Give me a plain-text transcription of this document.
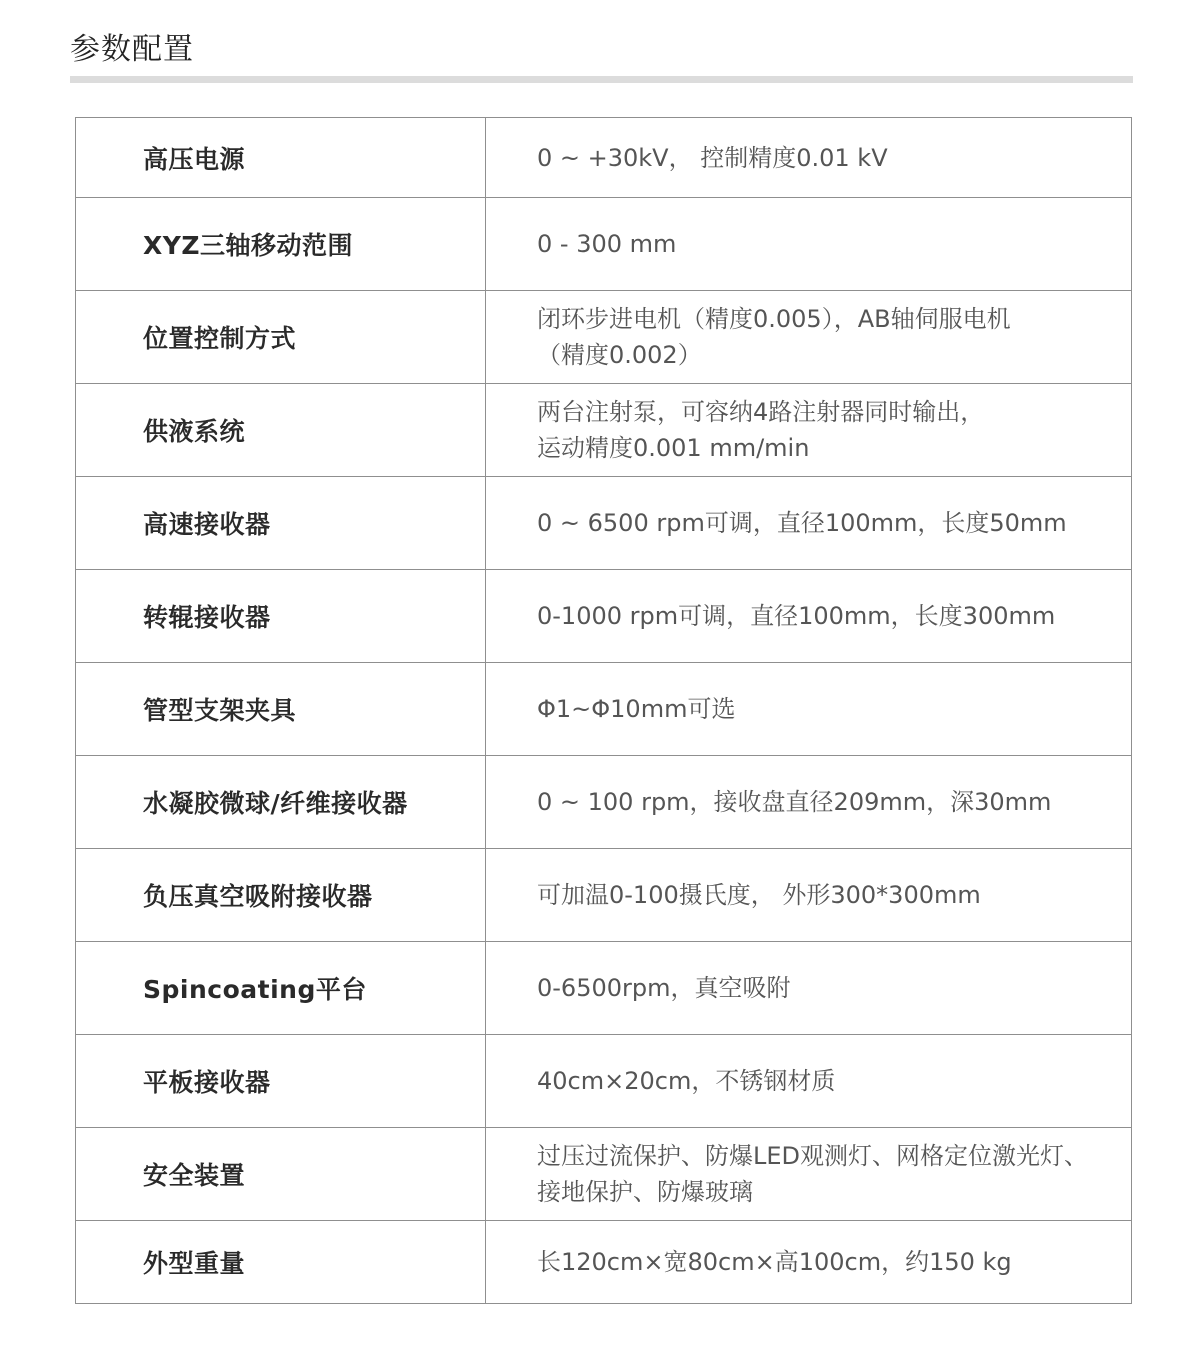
参数配置
高压电源	0 ~ +30kV， 控制精度0.01 kV

XYZ三轴移动范围	0 - 300 mm

位置控制方式	闭环步进电机（精度0.005），AB轴伺服电机
（精度0.002）

供液系统	两台注射泵，可容纳4路注射器同时输出，
运动精度0.001 mm/min

高速接收器	0 ~ 6500 rpm可调，直径100mm，长度50mm

转辊接收器	0-1000 rpm可调，直径100mm，长度300mm

管型支架夹具	Φ1~Φ10mm可选

水凝胶微球/纤维接收器	0 ~ 100 rpm，接收盘直径209mm，深30mm

负压真空吸附接收器	可加温0-100摄氏度， 外形300*300mm

Spincoating平台	0-6500rpm，真空吸附

平板接收器	40cm×20cm，不锈钢材质

安全装置	过压过流保护、防爆LED观测灯、网格定位激光灯、
接地保护、防爆玻璃

外型重量	长120cm×宽80cm×高100cm，约150 kg
